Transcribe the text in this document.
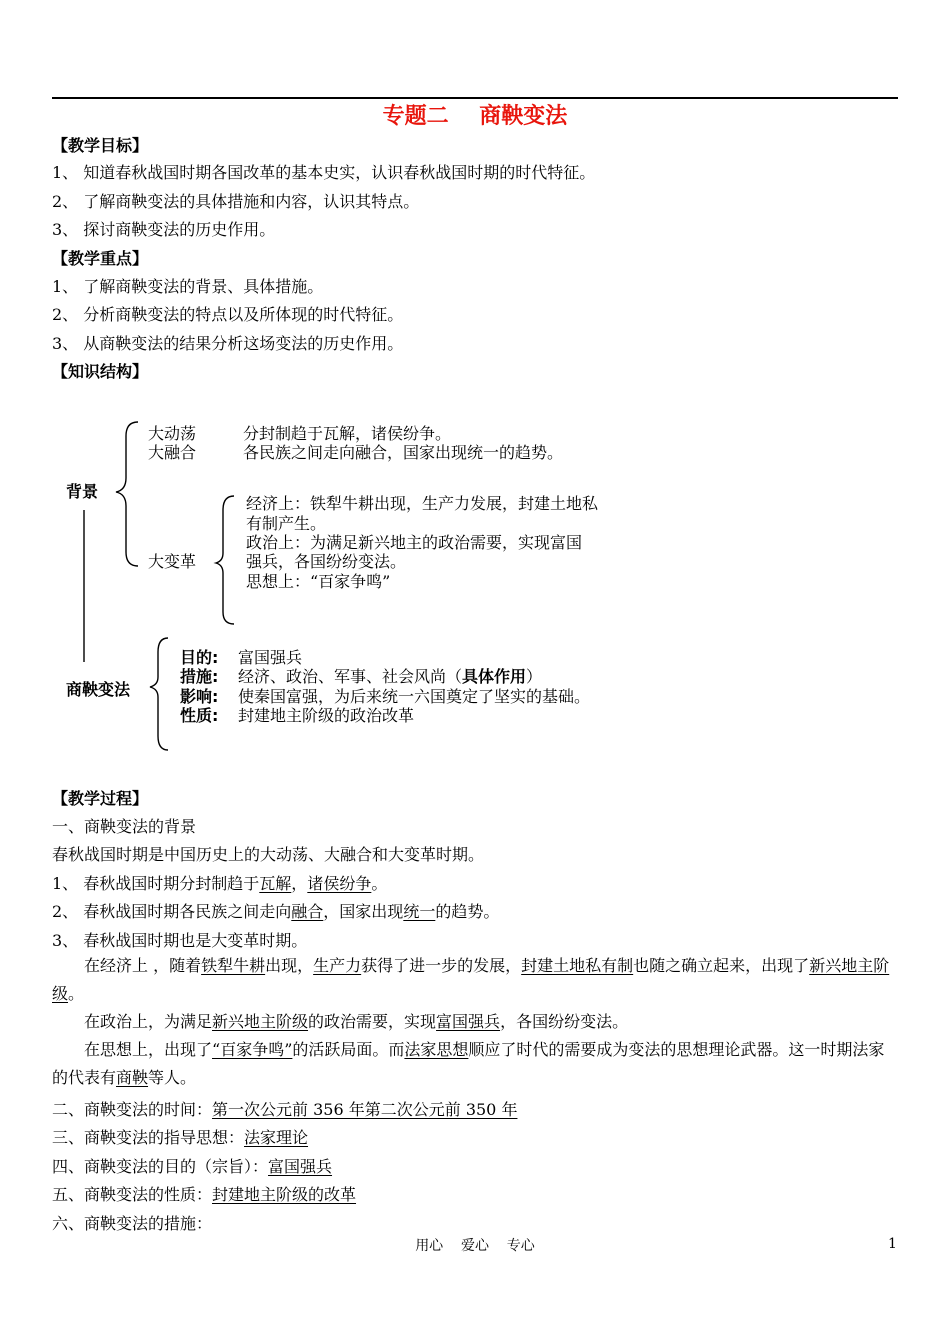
专题二    商鞅变法
【教学目标】
1、 知道春秋战国时期各国改革的基本史实，认识春秋战国时期的时代特征。
2、 了解商鞅变法的具体措施和内容，认识其特点。
3、 探讨商鞅变法的历史作用。
【教学重点】
1、 了解商鞅变法的背景、具体措施。
2、 分析商鞅变法的特点以及所体现的时代特征。
3、 从商鞅变法的结果分析这场变法的历史作用。
【知识结构】
背景
大动荡	分封制趋于瓦解，诸侯纷争。
大融合	各民族之间走向融合，国家出现统一的趋势。
大变革
经济上：铁犁牛耕出现，生产力发展，封建土地私
有制产生。
政治上：为满足新兴地主的政治需要，实现富国
强兵，各国纷纷变法。
思想上：“百家争鸣”
商鞅变法
目的: 富国强兵
措施: 经济、政治、军事、社会风尚（具体作用）
影响: 使秦国富强，为后来统一六国奠定了坚实的基础。
性质: 封建地主阶级的政治改革
【教学过程】
一、商鞅变法的背景
春秋战国时期是中国历史上的大动荡、大融合和大变革时期。
1、 春秋战国时期分封制趋于瓦解，诸侯纷争。
2、 春秋战国时期各民族之间走向融合，国家出现统一的趋势。
3、 春秋战国时期也是大变革时期。
在经济上 ，随着铁犁牛耕出现，生产力获得了进一步的发展，封建土地私有制也随之确立起来，出现了新兴地主阶级。
在政治上，为满足新兴地主阶级的政治需要，实现富国强兵，各国纷纷变法。
在思想上，出现了“百家争鸣”的活跃局面。而法家思想顺应了时代的需要成为变法的思想理论武器。这一时期法家的代表有商鞅等人。
二、商鞅变法的时间：第一次公元前 356 年第二次公元前 350 年
三、商鞅变法的指导思想：法家理论
四、商鞅变法的目的（宗旨）：富国强兵
五、商鞅变法的性质：封建地主阶级的改革
六、商鞅变法的措施：
用心    爱心    专心	1
